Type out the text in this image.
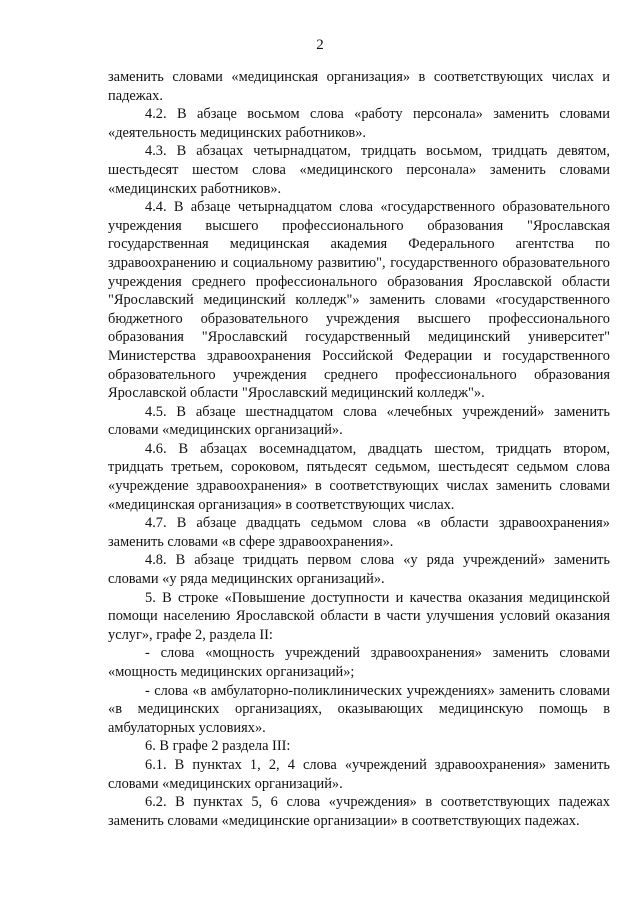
2

заменить словами «медицинская организация» в соответствующих числах и падежах.

4.2. В абзаце восьмом слова «работу персонала» заменить словами «деятельность медицинских работников».

4.3. В абзацах четырнадцатом, тридцать восьмом, тридцать девятом, шестьдесят шестом слова «медицинского персонала» заменить словами «медицинских работников».

4.4. В абзаце четырнадцатом слова «государственного образовательного учреждения высшего профессионального образования "Ярославская государственная медицинская академия Федерального агентства по здравоохранению и социальному развитию", государственного образовательного учреждения среднего профессионального образования Ярославской области "Ярославский медицинский колледж"» заменить словами «государственного бюджетного образовательного учреждения высшего профессионального образования "Ярославский государственный медицинский университет" Министерства здравоохранения Российской Федерации и государственного образовательного учреждения среднего профессионального образования Ярославской области "Ярославский медицинский колледж"».

4.5. В абзаце шестнадцатом слова «лечебных учреждений» заменить словами «медицинских организаций».

4.6. В абзацах восемнадцатом, двадцать шестом, тридцать втором, тридцать третьем, сороковом, пятьдесят седьмом, шестьдесят седьмом слова «учреждение здравоохранения» в соответствующих числах заменить словами «медицинская организация» в соответствующих числах.

4.7. В абзаце двадцать седьмом слова «в области здравоохранения» заменить словами «в сфере здравоохранения».

4.8. В абзаце тридцать первом слова «у ряда учреждений» заменить словами «у ряда медицинских организаций».

5. В строке «Повышение доступности и качества оказания медицинской помощи населению Ярославской области в части улучшения условий оказания услуг», графе 2, раздела II:

- слова «мощность учреждений здравоохранения» заменить словами «мощность медицинских организаций»;

- слова «в амбулаторно-поликлинических учреждениях» заменить словами «в медицинских организациях, оказывающих медицинскую помощь в амбулаторных условиях».

6. В графе 2 раздела III:

6.1. В пунктах 1, 2, 4 слова «учреждений здравоохранения» заменить словами «медицинских организаций».

6.2. В пунктах 5, 6 слова «учреждения» в соответствующих падежах заменить словами «медицинские организации» в соответствующих падежах.
